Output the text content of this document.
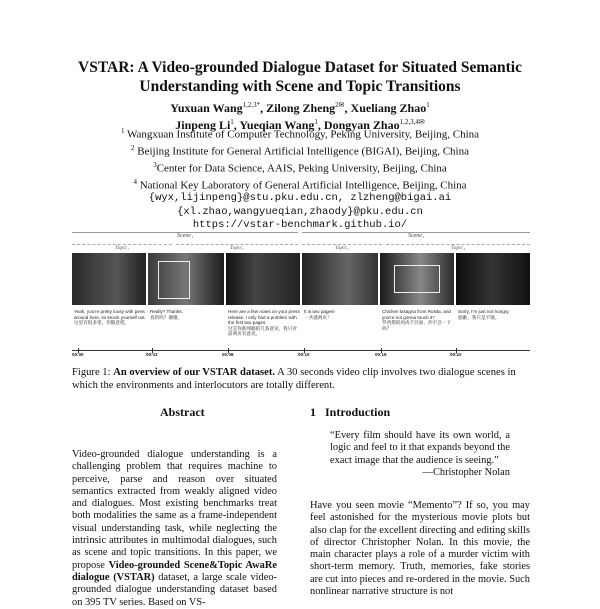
VSTAR: A Video-grounded Dialogue Dataset for Situated Semantic
Understanding with Scene and Topic Transitions
Yuxuan Wang$^{1,2,3*}$, Zilong Zheng$^{2✉}$, Xueliang Zhao$^1$
Jinpeng Li$^1$, Yueqian Wang$^1$, Dongyan Zhao$^{1,2,3,4✉}$
$^1$ Wangxuan Institute of Computer Technology, Peking University, Beijing, China
$^2$ Beijing Institute for General Artificial Intelligence (BIGAI), Beijing, China
$^3$Center for Data Science, AAIS, Peking University, Beijing, China
$^4$ National Key Laboratory of General Artificial Intelligence, Beijing, China
{wyx,lijinpeng}@stu.pku.edu.cn, zlzheng@bigai.ai
{xl.zhao,wangyueqian,zhaody}@pku.edu.cn
https://vstar-benchmark.github.io/
Scene₁	Scene₂
Topic₁	Topic₂	Topic₃	Topic₄
Yeah, you're pretty lousy with pens around here, so knock yourself out.
这里有很多笔，你随意吧。
Really? Thanks.
真的吗？谢谢。
Here are a few notes on your press release. I only had a problem with the first two pages.
这是你新闻稿的几条意见，我只对前两页有意见。
It is two pages!
一共就两页！
Chicken lasagna from Rosita, and you're not gonna touch it?
罗西塔的鸡肉千层面，你不尝一下吗？
Sorry, I'm just not hungry.
抱歉，我只是不饿。
00:00	00:03	00:08	00:10	00:18	00:22
Figure 1: An overview of our VSTAR dataset. A 30 seconds video clip involves two dialogue scenes in which the environments and interlocutors are totally different.
Abstract	1   Introduction
Video-grounded dialogue understanding is a challenging problem that requires machine to perceive, parse and reason over situated semantics extracted from weakly aligned video and dialogues. Most existing benchmarks treat both modalities the same as a frame-independent visual understanding task, while neglecting the intrinsic attributes in multimodal dialogues, such as scene and topic transitions. In this paper, we propose Video-grounded Scene&Topic AwaRe dialogue (VSTAR) dataset, a large scale video-grounded dialogue understanding dataset based on 395 TV series. Based on VS-
“Every film should have its own world, a logic and feel to it that expands beyond the exact image that the audience is seeing.”
—Christopher Nolan
Have you seen movie “Memento”? If so, you may feel astonished for the mysterious movie plots but also clap for the excellent directing and editing skills of director Christopher Nolan. In this movie, the main character plays a role of a murder victim with short-term memory. Truth, memories, fake stories are cut into pieces and re-ordered in the movie. Such nonlinear narrative structure is not
